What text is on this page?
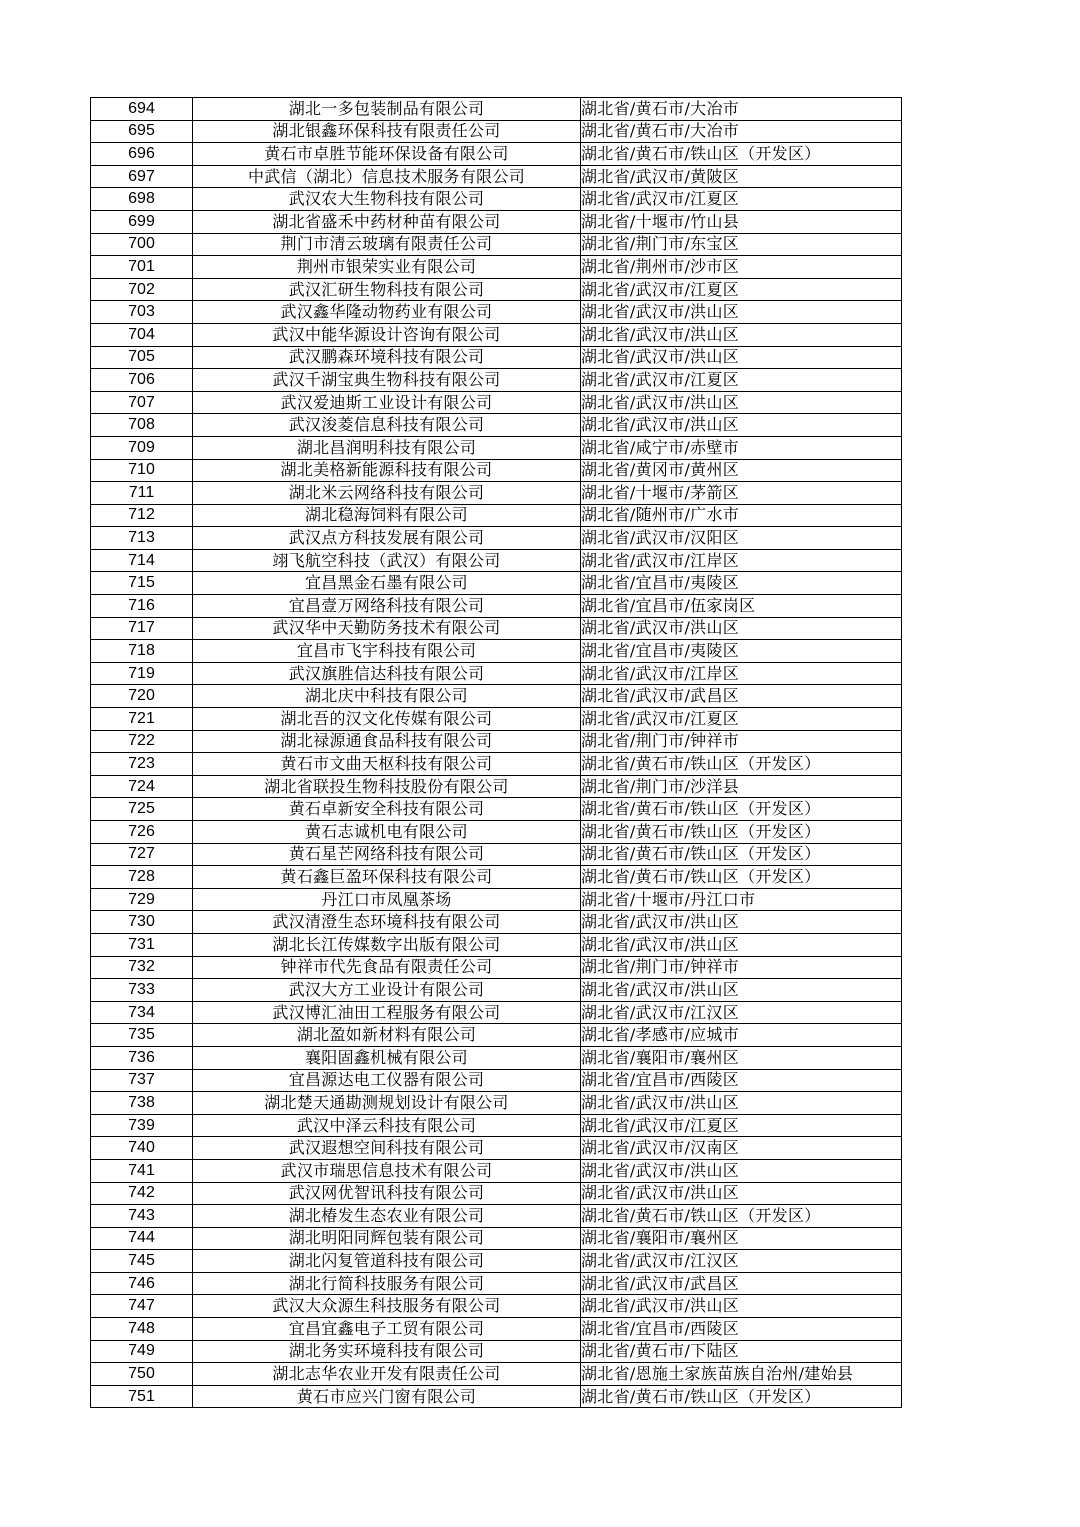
694	湖北一多包装制品有限公司	湖北省/黄石市/大冶市
695	湖北银鑫环保科技有限责任公司	湖北省/黄石市/大冶市
696	黄石市卓胜节能环保设备有限公司	湖北省/黄石市/铁山区（开发区）
697	中武信（湖北）信息技术服务有限公司	湖北省/武汉市/黄陂区
698	武汉农大生物科技有限公司	湖北省/武汉市/江夏区
699	湖北省盛禾中药材种苗有限公司	湖北省/十堰市/竹山县
700	荆门市清云玻璃有限责任公司	湖北省/荆门市/东宝区
701	荆州市银荣实业有限公司	湖北省/荆州市/沙市区
702	武汉汇研生物科技有限公司	湖北省/武汉市/江夏区
703	武汉鑫华隆动物药业有限公司	湖北省/武汉市/洪山区
704	武汉中能华源设计咨询有限公司	湖北省/武汉市/洪山区
705	武汉鹏森环境科技有限公司	湖北省/武汉市/洪山区
706	武汉千湖宝典生物科技有限公司	湖北省/武汉市/江夏区
707	武汉爱迪斯工业设计有限公司	湖北省/武汉市/洪山区
708	武汉浚菱信息科技有限公司	湖北省/武汉市/洪山区
709	湖北昌润明科技有限公司	湖北省/咸宁市/赤壁市
710	湖北美格新能源科技有限公司	湖北省/黄冈市/黄州区
711	湖北米云网络科技有限公司	湖北省/十堰市/茅箭区
712	湖北稳海饲料有限公司	湖北省/随州市/广水市
713	武汉点方科技发展有限公司	湖北省/武汉市/汉阳区
714	翊飞航空科技（武汉）有限公司	湖北省/武汉市/江岸区
715	宜昌黑金石墨有限公司	湖北省/宜昌市/夷陵区
716	宜昌壹万网络科技有限公司	湖北省/宜昌市/伍家岗区
717	武汉华中天勤防务技术有限公司	湖北省/武汉市/洪山区
718	宜昌市飞宇科技有限公司	湖北省/宜昌市/夷陵区
719	武汉旗胜信达科技有限公司	湖北省/武汉市/江岸区
720	湖北庆中科技有限公司	湖北省/武汉市/武昌区
721	湖北吾的汉文化传媒有限公司	湖北省/武汉市/江夏区
722	湖北禄源通食品科技有限公司	湖北省/荆门市/钟祥市
723	黄石市文曲天枢科技有限公司	湖北省/黄石市/铁山区（开发区）
724	湖北省联投生物科技股份有限公司	湖北省/荆门市/沙洋县
725	黄石卓新安全科技有限公司	湖北省/黄石市/铁山区（开发区）
726	黄石志诚机电有限公司	湖北省/黄石市/铁山区（开发区）
727	黄石星芒网络科技有限公司	湖北省/黄石市/铁山区（开发区）
728	黄石鑫巨盈环保科技有限公司	湖北省/黄石市/铁山区（开发区）
729	丹江口市凤凰茶场	湖北省/十堰市/丹江口市
730	武汉清澄生态环境科技有限公司	湖北省/武汉市/洪山区
731	湖北长江传媒数字出版有限公司	湖北省/武汉市/洪山区
732	钟祥市代先食品有限责任公司	湖北省/荆门市/钟祥市
733	武汉大方工业设计有限公司	湖北省/武汉市/洪山区
734	武汉博汇油田工程服务有限公司	湖北省/武汉市/江汉区
735	湖北盈如新材料有限公司	湖北省/孝感市/应城市
736	襄阳固鑫机械有限公司	湖北省/襄阳市/襄州区
737	宜昌源达电工仪器有限公司	湖北省/宜昌市/西陵区
738	湖北楚天通勘测规划设计有限公司	湖北省/武汉市/洪山区
739	武汉中泽云科技有限公司	湖北省/武汉市/江夏区
740	武汉遐想空间科技有限公司	湖北省/武汉市/汉南区
741	武汉市瑞思信息技术有限公司	湖北省/武汉市/洪山区
742	武汉网优智讯科技有限公司	湖北省/武汉市/洪山区
743	湖北椿发生态农业有限公司	湖北省/黄石市/铁山区（开发区）
744	湖北明阳同辉包装有限公司	湖北省/襄阳市/襄州区
745	湖北闪复管道科技有限公司	湖北省/武汉市/江汉区
746	湖北行简科技服务有限公司	湖北省/武汉市/武昌区
747	武汉大众源生科技服务有限公司	湖北省/武汉市/洪山区
748	宜昌宜鑫电子工贸有限公司	湖北省/宜昌市/西陵区
749	湖北务实环境科技有限公司	湖北省/黄石市/下陆区
750	湖北志华农业开发有限责任公司	湖北省/恩施土家族苗族自治州/建始县
751	黄石市应兴门窗有限公司	湖北省/黄石市/铁山区（开发区）
